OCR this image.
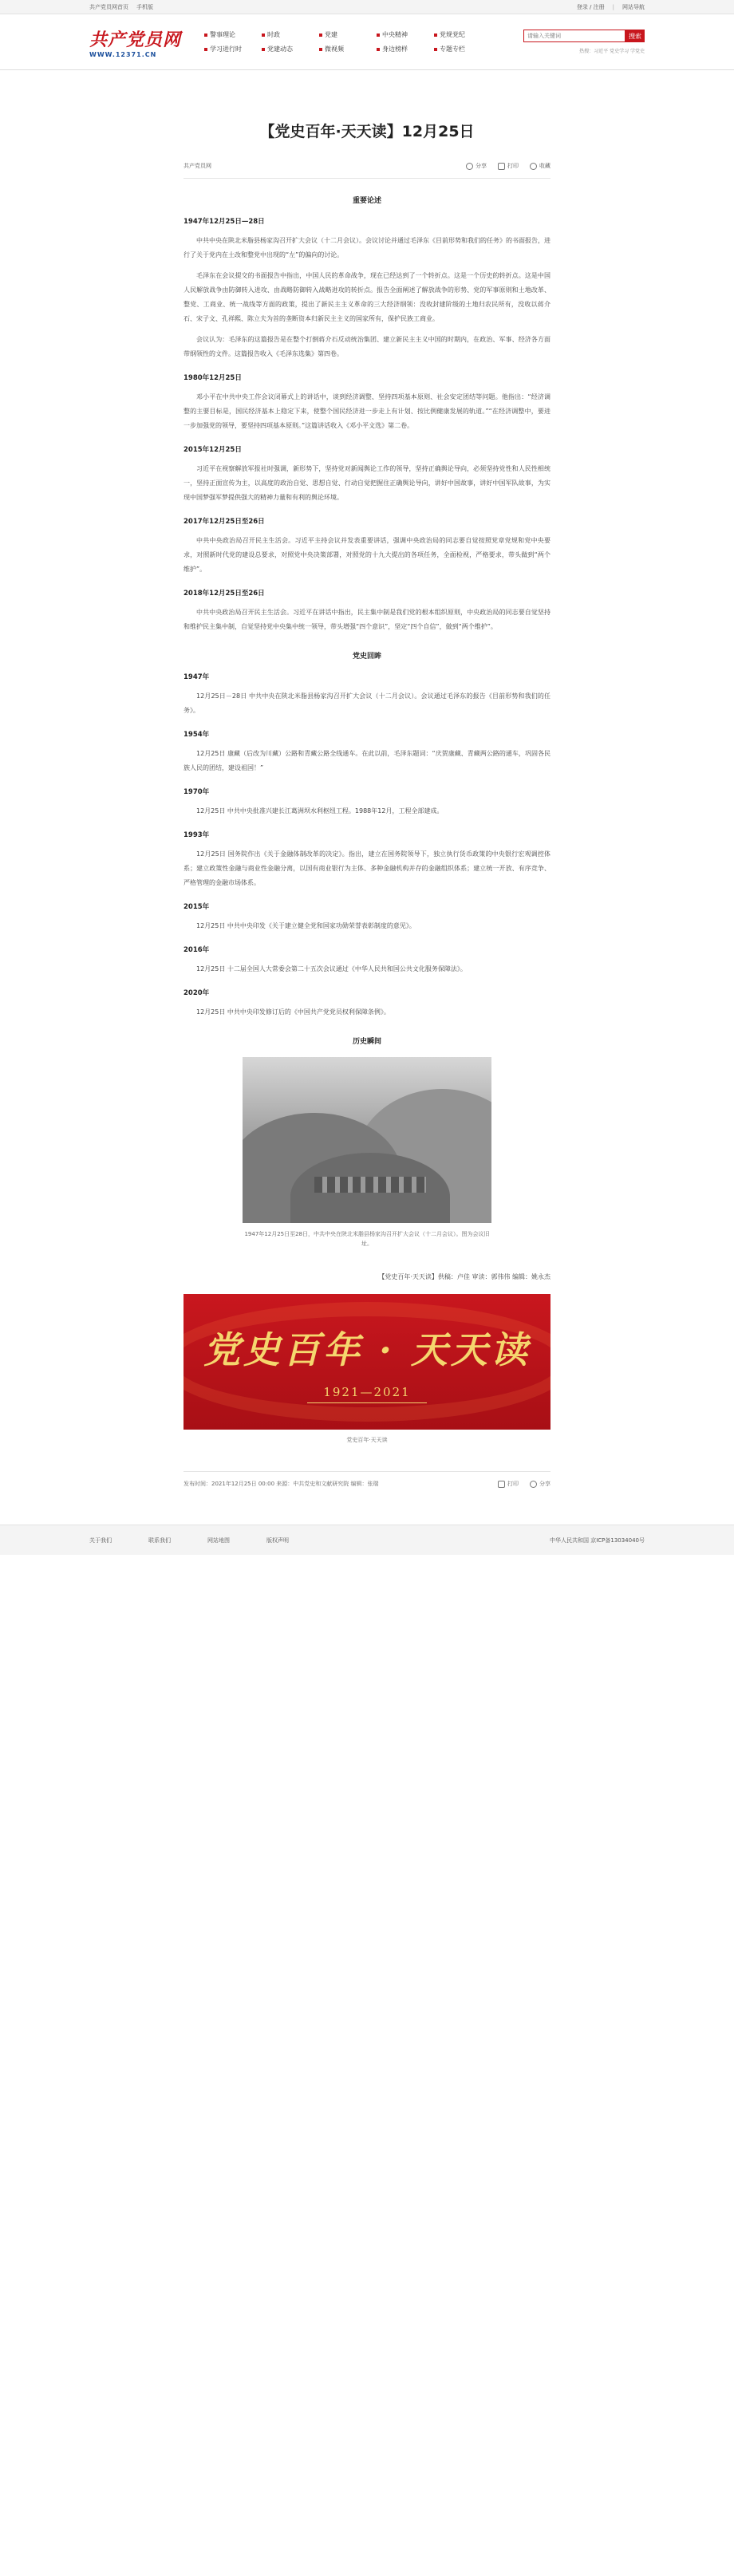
共产党员网首页 手机版	登录 / 注册 | 网站导航
共产党员网
WWW.12371.CN
警事理论	时政	党建	中央精神	党规党纪
学习进行时	党建动态	微视频	身边榜样	专题专栏
请输入关键词
搜索
热搜：习近平 党史学习 学党史
【党史百年·天天读】12月25日
共产党员网	分享	打印	收藏
重要论述
1947年12月25日—28日

中共中央在陕北米脂县杨家沟召开扩大会议（十二月会议）。会议讨论并通过毛泽东《目前形势和我们的任务》的书面报告，进行了关于党内在土改和整党中出现的“左”的偏向的讨论。

毛泽东在会议提交的书面报告中指出，中国人民的革命战争，现在已经达到了一个转折点。这是一个历史的转折点。这是中国人民解放战争由防御转入进攻、由战略防御转入战略进攻的转折点。报告全面阐述了解放战争的形势、党的军事原则和土地改革、整党、工商业、统一战线等方面的政策，提出了新民主主义革命的三大经济纲领：没收封建阶级的土地归农民所有，没收以蒋介石、宋子文、孔祥熙、陈立夫为首的垄断资本归新民主主义的国家所有，保护民族工商业。

会议认为：毛泽东的这篇报告是在整个打倒蒋介石反动统治集团、建立新民主主义中国的时期内，在政治、军事、经济各方面带纲领性的文件。这篇报告收入《毛泽东选集》第四卷。

1980年12月25日

邓小平在中共中央工作会议闭幕式上的讲话中，谈到经济调整、坚持四项基本原则、社会安定团结等问题。他指出：“经济调整的主要目标是，国民经济基本上稳定下来，使整个国民经济进一步走上有计划、按比例健康发展的轨道。”“在经济调整中，要进一步加强党的领导，要坚持四项基本原则。”这篇讲话收入《邓小平文选》第二卷。

2015年12月25日

习近平在视察解放军报社时强调，新形势下，坚持党对新闻舆论工作的领导，坚持正确舆论导向，必须坚持党性和人民性相统一，坚持正面宣传为主，以高度的政治自觉、思想自觉、行动自觉把握住正确舆论导向，讲好中国故事，讲好中国军队故事，为实现中国梦强军梦提供强大的精神力量和有利的舆论环境。

2017年12月25日至26日

中共中央政治局召开民主生活会。习近平主持会议并发表重要讲话，强调中央政治局的同志要自觉按照党章党规和党中央要求，对照新时代党的建设总要求，对照党中央决策部署，对照党的十九大提出的各项任务，全面检视，严格要求，带头做到“两个维护”。

2018年12月25日至26日

中共中央政治局召开民主生活会。习近平在讲话中指出，民主集中制是我们党的根本组织原则，中央政治局的同志要自觉坚持和维护民主集中制，自觉坚持党中央集中统一领导，带头增强“四个意识”，坚定“四个自信”，做到“两个维护”。

党史回眸
1947年

12月25日－28日 中共中央在陕北米脂县杨家沟召开扩大会议（十二月会议）。会议通过毛泽东的报告《目前形势和我们的任务》。

1954年

12月25日 康藏（后改为川藏）公路和青藏公路全线通车。在此以前，毛泽东题词：“庆贺康藏、青藏两公路的通车，巩固各民族人民的团结，建设祖国！”

1970年

12月25日 中共中央批准兴建长江葛洲坝水利枢纽工程。1988年12月，工程全部建成。

1993年

12月25日 国务院作出《关于金融体制改革的决定》。指出，建立在国务院领导下，独立执行货币政策的中央银行宏观调控体系；建立政策性金融与商业性金融分离，以国有商业银行为主体、多种金融机构并存的金融组织体系；建立统一开放、有序竞争、严格管理的金融市场体系。

2015年

12月25日 中共中央印发《关于建立健全党和国家功勋荣誉表彰制度的意见》。

2016年

12月25日 十二届全国人大常委会第二十五次会议通过《中华人民共和国公共文化服务保障法》。

2020年

12月25日 中共中央印发修订后的《中国共产党党员权利保障条例》。

历史瞬间

1947年12月25日至28日，中共中央在陕北米脂县杨家沟召开扩大会议（十二月会议）。图为会议旧址。

【党史百年·天天读】供稿：卢佳 审读：郭伟伟 编辑：姚永杰
党史百年 · 天天读
1921—2021
党史百年·天天读
发布时间：2021年12月25日 00:00 来源：中共党史和文献研究院 编辑：张瑞	打印	分享
关于我们	联系我们	网站地图	版权声明	中华人民共和国 京ICP备13034040号
